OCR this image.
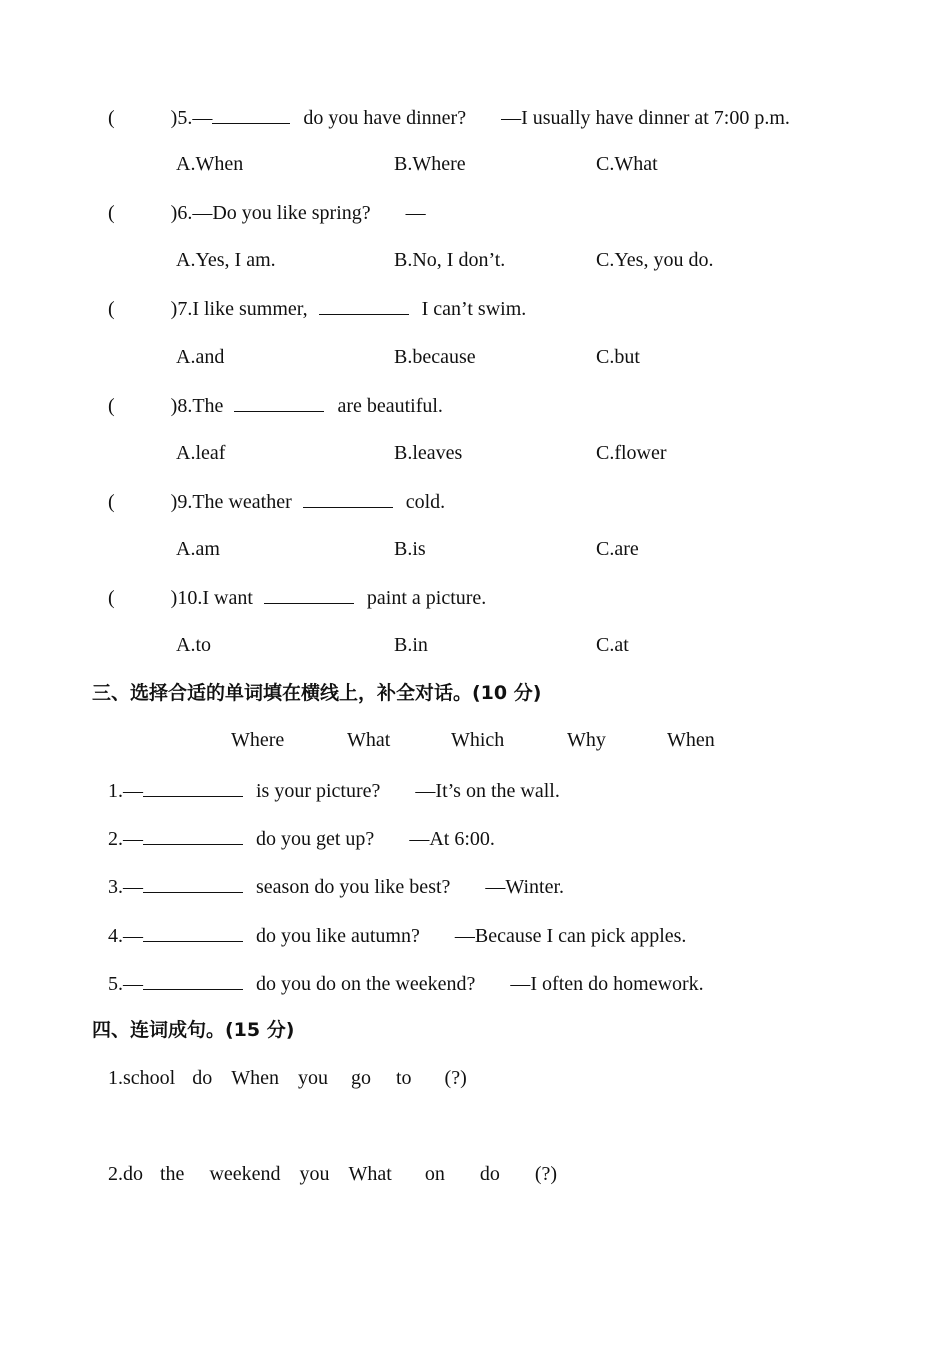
(	)5.—	do you have dinner? —I usually have dinner at 7:00 p.m.
A.When	B.Where	C.What
(	)6.—Do you like spring? —
A.Yes, I am.	B.No, I don’t.	C.Yes, you do.
(	)7.I like summer,	I can’t swim.
A.and	B.because	C.but
(	)8.The	are beautiful.
A.leaf	B.leaves	C.flower
(	)9.The weather	cold.
A.am	B.is	C.are
(	)10.I want	paint a picture.
A.to	B.in	C.at
三、选择合适的单词填在横线上，补全对话。(10 分)
Where	What	Which	Why	When
1.—	is your picture? —It’s on the wall.
2.—	do you get up? —At 6:00.
3.—	season do you like best? —Winter.
4.—	do you like autumn? —Because I can pick apples.
5.—	do you do on the weekend? —I often do homework.
四、连词成句。(15 分)
1.school do When you go to (?)
2.do the weekend you What on do (?)
